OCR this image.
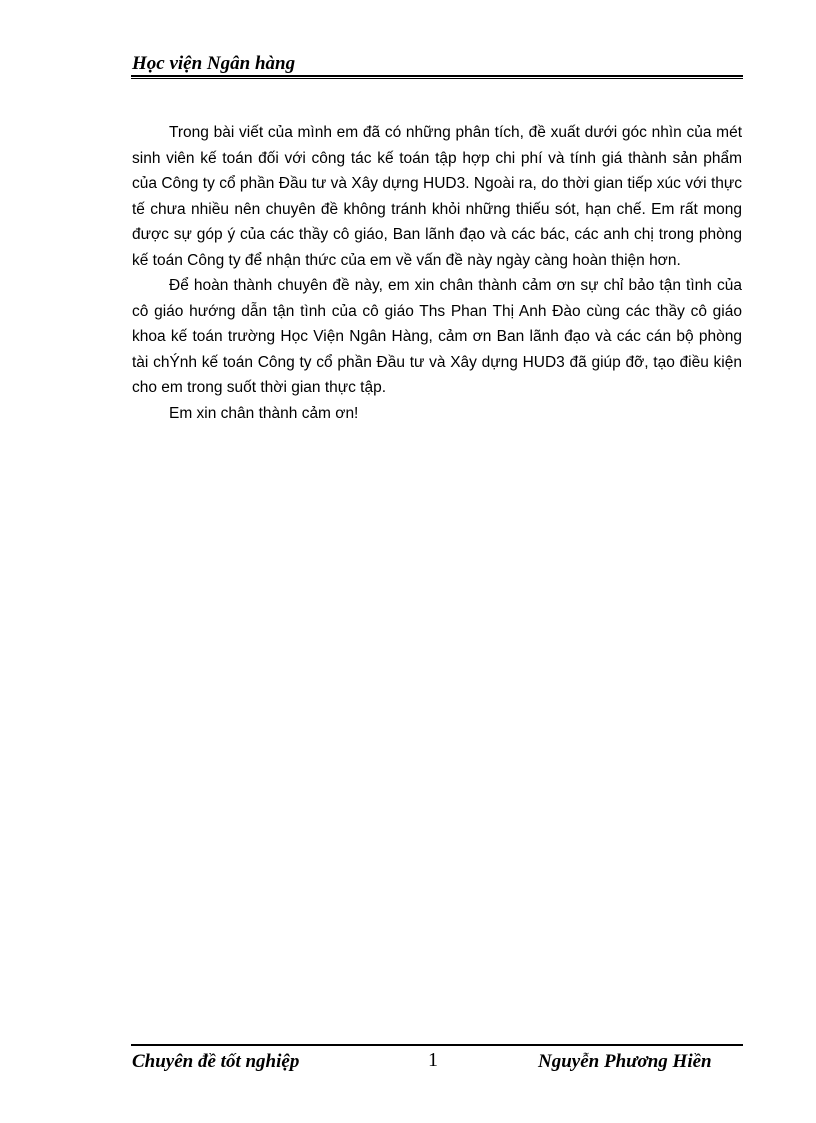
Học viện Ngân hàng

Trong bài viết của mình em đã có những phân tích, đề xuất dưới góc nhìn của mét sinh viên kế toán đối với công tác kế toán tập hợp chi phí và tính giá thành sản phẩm của Công ty cổ phần Đầu tư và Xây dựng HUD3. Ngoài ra, do thời gian tiếp xúc với thực tế chưa nhiều nên chuyên đề không tránh khỏi những thiếu sót, hạn chế. Em rất mong được sự góp ý của các thầy cô giáo, Ban lãnh đạo và các bác, các anh chị trong phòng kế toán Công ty để nhận thức của em về vấn đề này ngày càng hoàn thiện hơn.

Để hoàn thành chuyên đề này, em xin chân thành cảm ơn sự chỉ bảo tận tình của cô giáo hướng dẫn tận tình của cô giáo Ths Phan Thị Anh Đào cùng các thầy cô giáo khoa kế toán trường Học Viện Ngân Hàng, cảm ơn Ban lãnh đạo và các cán bộ phòng tài chÝnh kế toán Công ty cổ phần Đầu tư và Xây dựng HUD3 đã giúp đỡ, tạo điều kiện cho em trong suốt thời gian thực tập.

Em xin chân thành cảm ơn!

Chuyên đề tốt nghiệp	1	Nguyễn Phương Hiền
